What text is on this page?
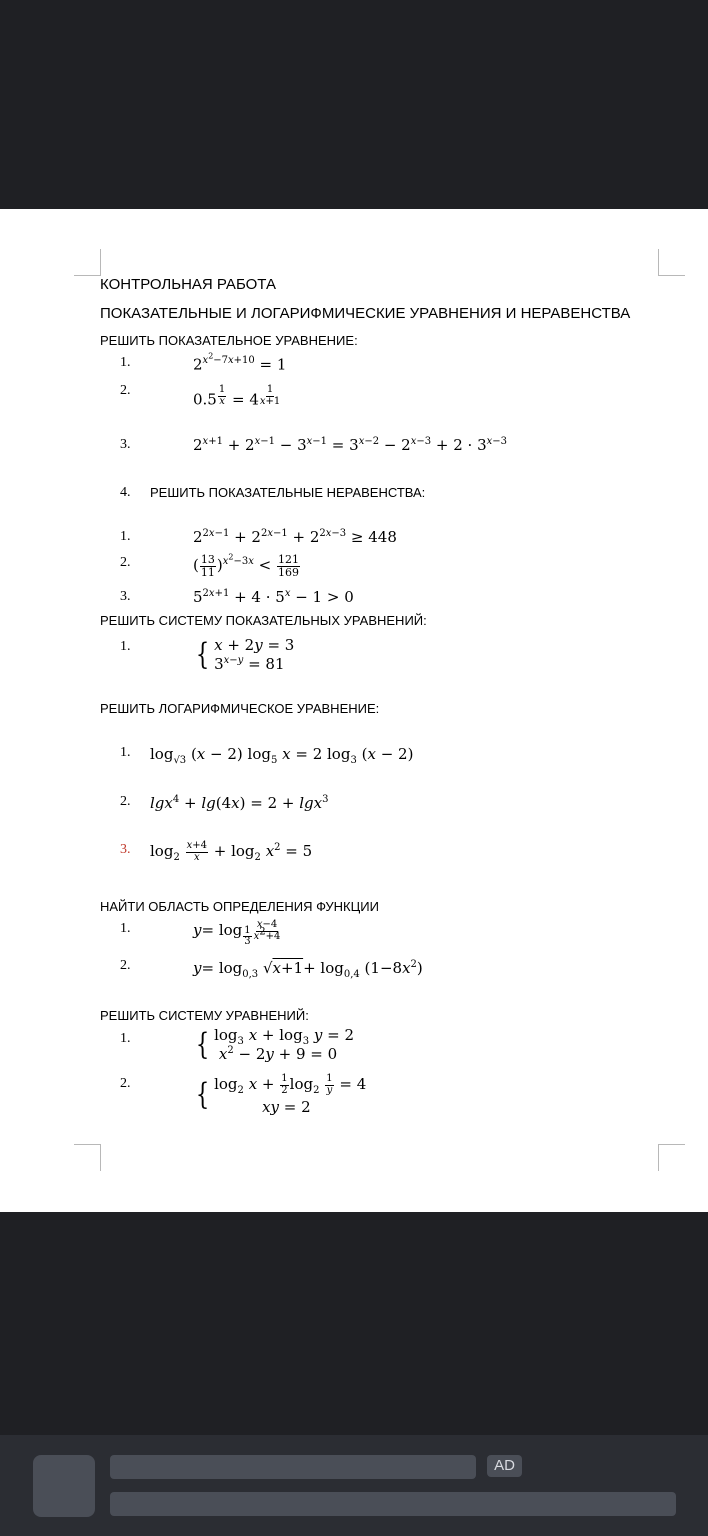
КОНТРОЛЬНАЯ РАБОТА
ПОКАЗАТЕЛЬНЫЕ И ЛОГАРИФМИЧЕСКИЕ УРАВНЕНИЯ И НЕРАВЕНСТВА
РЕШИТЬ ПОКАЗАТЕЛЬНОЕ УРАВНЕНИЕ:
1.	$2^{x^2-7x+10} = 1$
2.	0.5 $^{\frac{1}{x}}$ = 4 $^{\frac{1}{x+1}}$
3.	$2^{x+1} + 2^{x-1} - 3^{x-1} = 3^{x-2} - 2^{x-3} + 2 \cdot 3^{x-3}$
4. РЕШИТЬ ПОКАЗАТЕЛЬНЫЕ НЕРАВЕНСТВА:
1.	$2^{2x-1} + 2^{2x-1} + 2^{2x-3} \ge 448$
2.	( $\frac{13}{11} )^{x^2-3x} < \frac{121}{169}$
3.	$5^{2x+1} + 4 \cdot 5^x - 1 > 0$
РЕШИТЬ СИСТЕМУ ПОКАЗАТЕЛЬНЫХ УРАВНЕНИЙ:
1. { x + 2y = 3
$3^{x-y} = 81$
РЕШИТЬ ЛОГАРИФМИЧЕСКОЕ УРАВНЕНИЕ:
1. $\log_{√3} (x - 2)$ $\log_5 x = 2$ $\log_3 (x - 2)$
2. lgx$^4$ + lg(4x) = 2 + lgx$^3$
3. $\log_2 \frac{x+4}{x} + \log_2 x^2 = 5$
НАЙТИ ОБЛАСТЬ ОПРЕДЕЛЕНИЯ ФУНКЦИИ
1.	$y= \log _{\frac{1}{3}} \frac{x-4}{x^2+4}$
2.	$y= \log_{0,3} √x+1+ \log_{0,4} (1-8x^2)$
РЕШИТЬ СИСТЕМУ УРАВНЕНИЙ:
1. { $\log_3 x + \log_3 y = 2$
$x^2 - 2y + 9 = 0$
2. { $\log_2 x + \frac{1}{2} \log_2 \frac{1}{y} = 4$
xy = 2
AD
